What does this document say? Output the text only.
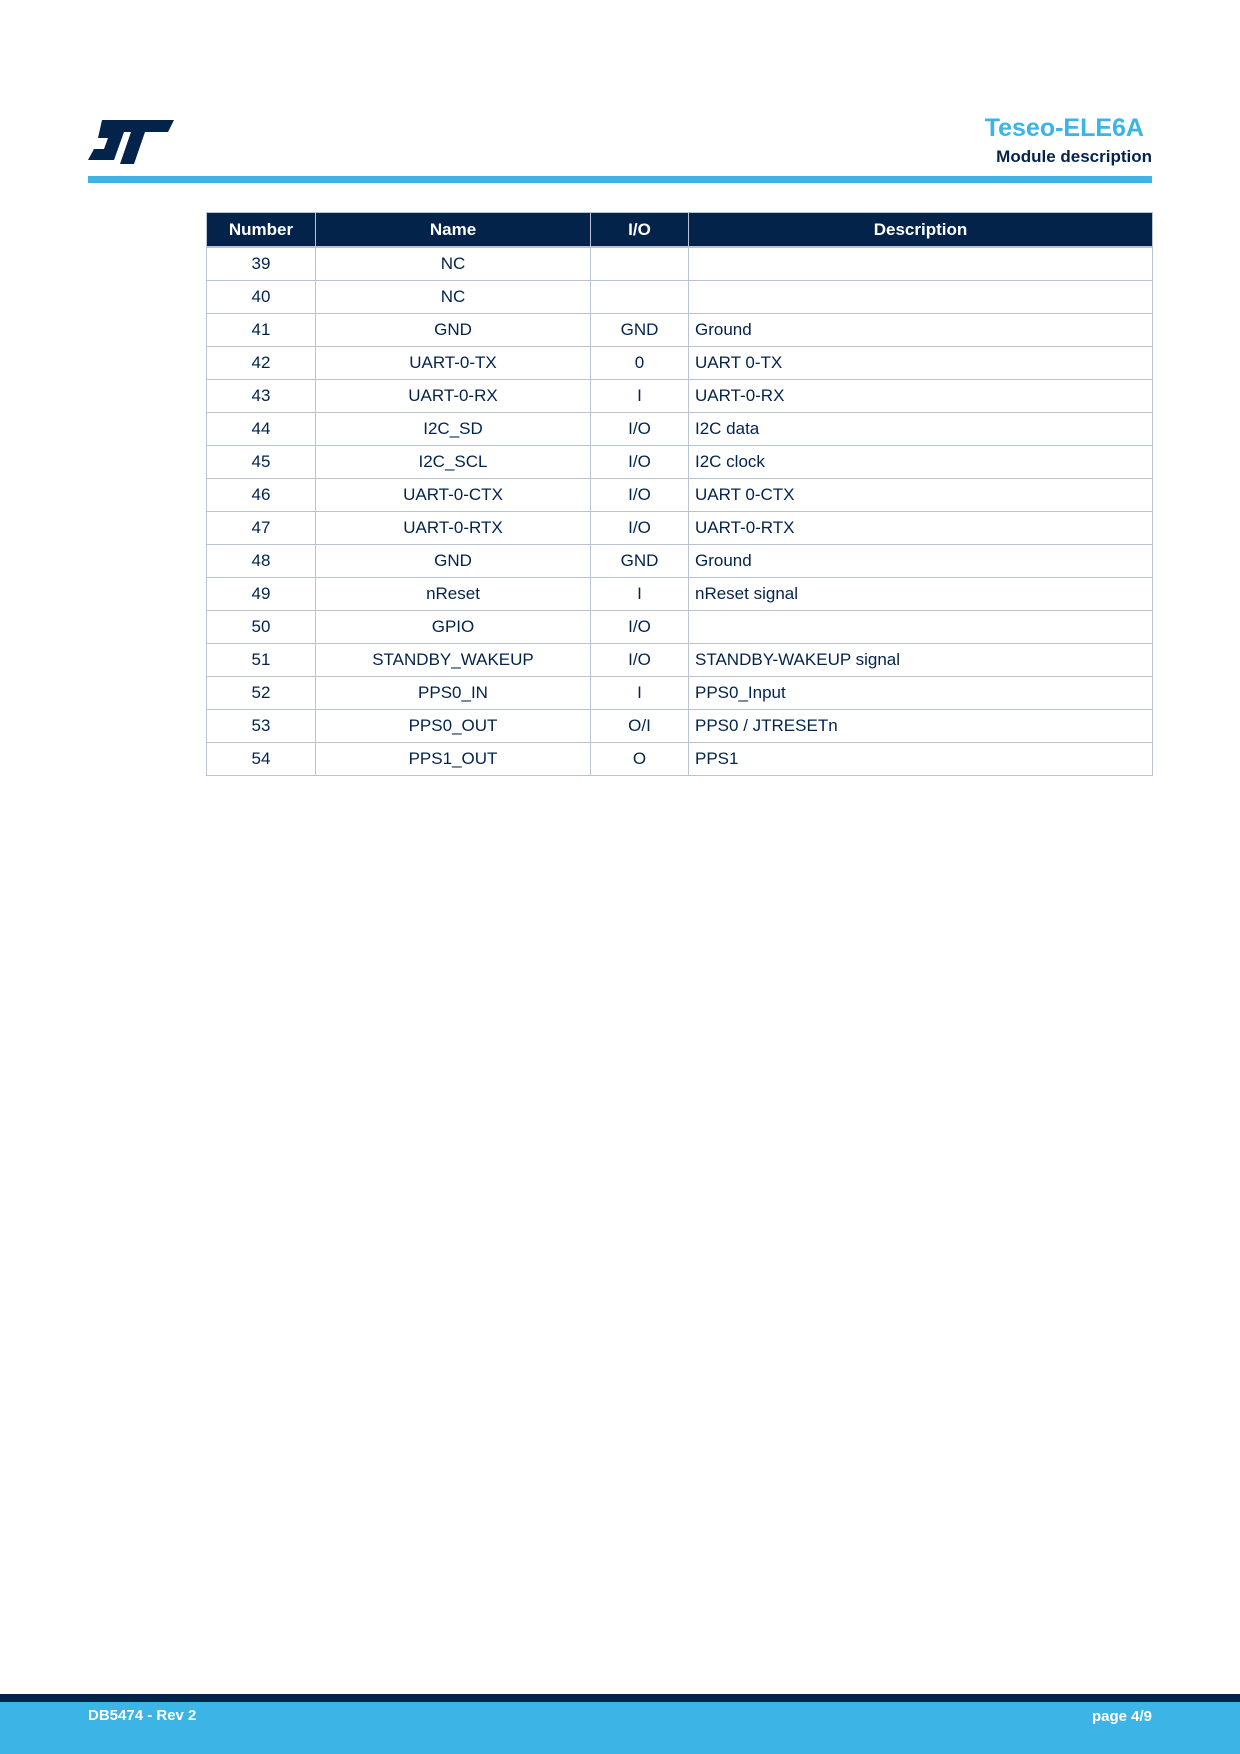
Teseo-ELE6A
Module description
Number	Name	I/O	Description
39	NC		
40	NC		
41	GND	GND	Ground
42	UART-0-TX	0	UART 0-TX
43	UART-0-RX	I	UART-0-RX
44	I2C_SD	I/O	I2C data
45	I2C_SCL	I/O	I2C clock
46	UART-0-CTX	I/O	UART 0-CTX
47	UART-0-RTX	I/O	UART-0-RTX
48	GND	GND	Ground
49	nReset	I	nReset signal
50	GPIO	I/O	
51	STANDBY_WAKEUP	I/O	STANDBY-WAKEUP signal
52	PPS0_IN	I	PPS0_Input
53	PPS0_OUT	O/I	PPS0 / JTRESETn
54	PPS1_OUT	O	PPS1
DB5474 - Rev 2	page 4/9
